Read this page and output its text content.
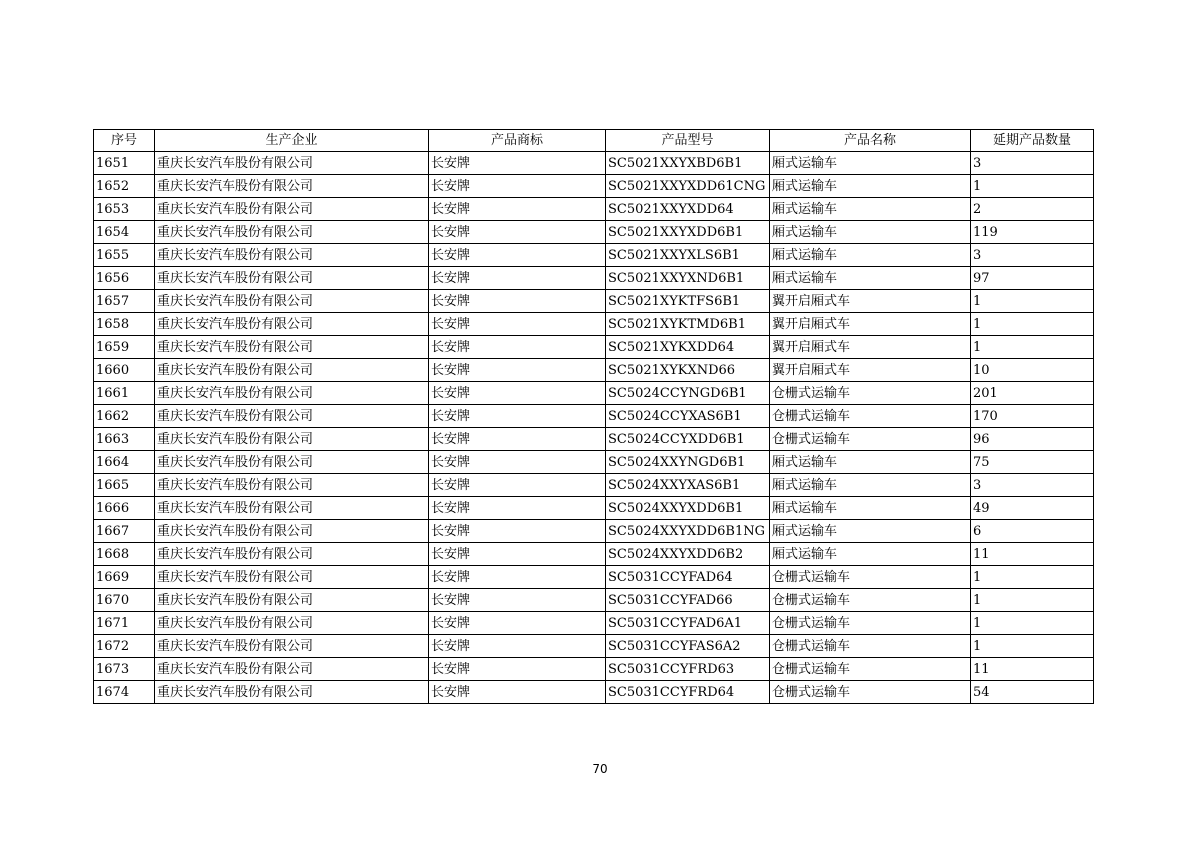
序号	生产企业	产品商标	产品型号	产品名称	延期产品数量
1651	重庆长安汽车股份有限公司	长安牌	SC5021XXYXBD6B1	厢式运输车	3
1652	重庆长安汽车股份有限公司	长安牌	SC5021XXYXDD61CNG	厢式运输车	1
1653	重庆长安汽车股份有限公司	长安牌	SC5021XXYXDD64	厢式运输车	2
1654	重庆长安汽车股份有限公司	长安牌	SC5021XXYXDD6B1	厢式运输车	119
1655	重庆长安汽车股份有限公司	长安牌	SC5021XXYXLS6B1	厢式运输车	3
1656	重庆长安汽车股份有限公司	长安牌	SC5021XXYXND6B1	厢式运输车	97
1657	重庆长安汽车股份有限公司	长安牌	SC5021XYKTFS6B1	翼开启厢式车	1
1658	重庆长安汽车股份有限公司	长安牌	SC5021XYKTMD6B1	翼开启厢式车	1
1659	重庆长安汽车股份有限公司	长安牌	SC5021XYKXDD64	翼开启厢式车	1
1660	重庆长安汽车股份有限公司	长安牌	SC5021XYKXND66	翼开启厢式车	10
1661	重庆长安汽车股份有限公司	长安牌	SC5024CCYNGD6B1	仓栅式运输车	201
1662	重庆长安汽车股份有限公司	长安牌	SC5024CCYXAS6B1	仓栅式运输车	170
1663	重庆长安汽车股份有限公司	长安牌	SC5024CCYXDD6B1	仓栅式运输车	96
1664	重庆长安汽车股份有限公司	长安牌	SC5024XXYNGD6B1	厢式运输车	75
1665	重庆长安汽车股份有限公司	长安牌	SC5024XXYXAS6B1	厢式运输车	3
1666	重庆长安汽车股份有限公司	长安牌	SC5024XXYXDD6B1	厢式运输车	49
1667	重庆长安汽车股份有限公司	长安牌	SC5024XXYXDD6B1NG	厢式运输车	6
1668	重庆长安汽车股份有限公司	长安牌	SC5024XXYXDD6B2	厢式运输车	11
1669	重庆长安汽车股份有限公司	长安牌	SC5031CCYFAD64	仓栅式运输车	1
1670	重庆长安汽车股份有限公司	长安牌	SC5031CCYFAD66	仓栅式运输车	1
1671	重庆长安汽车股份有限公司	长安牌	SC5031CCYFAD6A1	仓栅式运输车	1
1672	重庆长安汽车股份有限公司	长安牌	SC5031CCYFAS6A2	仓栅式运输车	1
1673	重庆长安汽车股份有限公司	长安牌	SC5031CCYFRD63	仓栅式运输车	11
1674	重庆长安汽车股份有限公司	长安牌	SC5031CCYFRD64	仓栅式运输车	54
70
